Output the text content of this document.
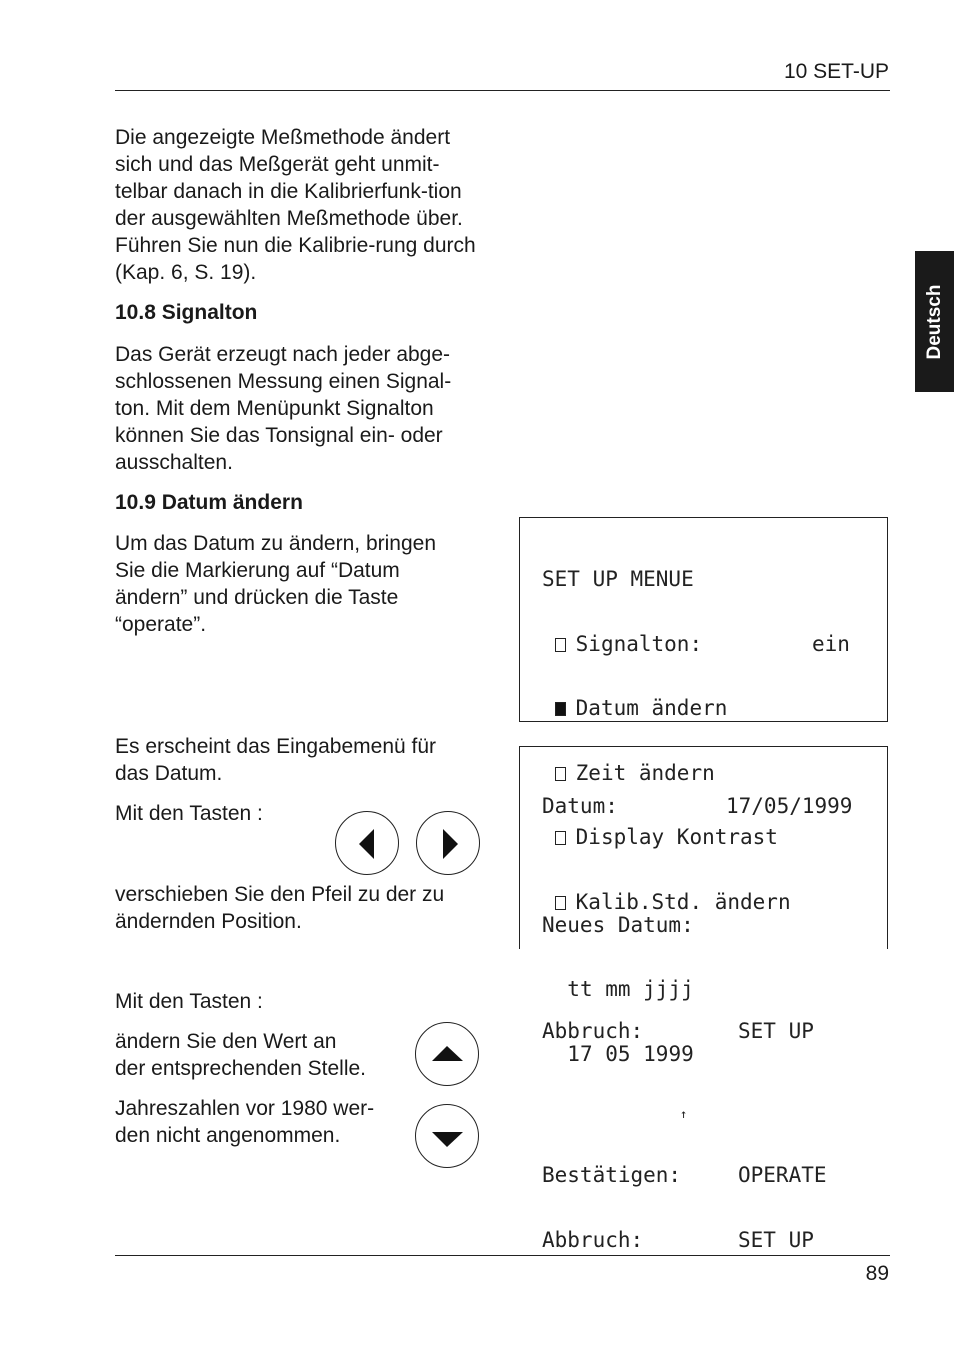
10 SET-UP
Deutsch
Die angezeigte Meßmethode ändert sich und das Meßgerät geht unmit-telbar danach in die Kalibrierfunk-tion der ausgewählten Meßmethode über. Führen Sie nun die Kalibrie-rung durch (Kap. 6, S. 19).
10.8 Signalton
Das Gerät erzeugt nach jeder abge-
schlossenen Messung einen Signal-
ton. Mit dem Menüpunkt Signalton
können Sie das Tonsignal ein- oder
ausschalten.
10.9 Datum ändern
Um das Datum zu ändern, bringen
Sie die Markierung auf “Datum
ändern” und drücken die Taste
“operate”.
Es erscheint das Eingabemenü für
das Datum.
Mit den Tasten :
verschieben Sie den Pfeil zu der zu
ändernden Position.
Mit den Tasten :
ändern Sie den Wert an
der entsprechenden Stelle.
Jahreszahlen vor 1980 wer-
den nicht angenommen.

SET UP MENUE

Signalton:	ein

Datum ändern

Zeit ändern

Display Kontrast

Kalib.Std. ändern

Abbruch:	SET UP

Datum:	17/05/1999

Neues Datum:

tt mm jjjj

17 05 1999

↑

Bestätigen:	OPERATE

Abbruch:	SET UP

89
